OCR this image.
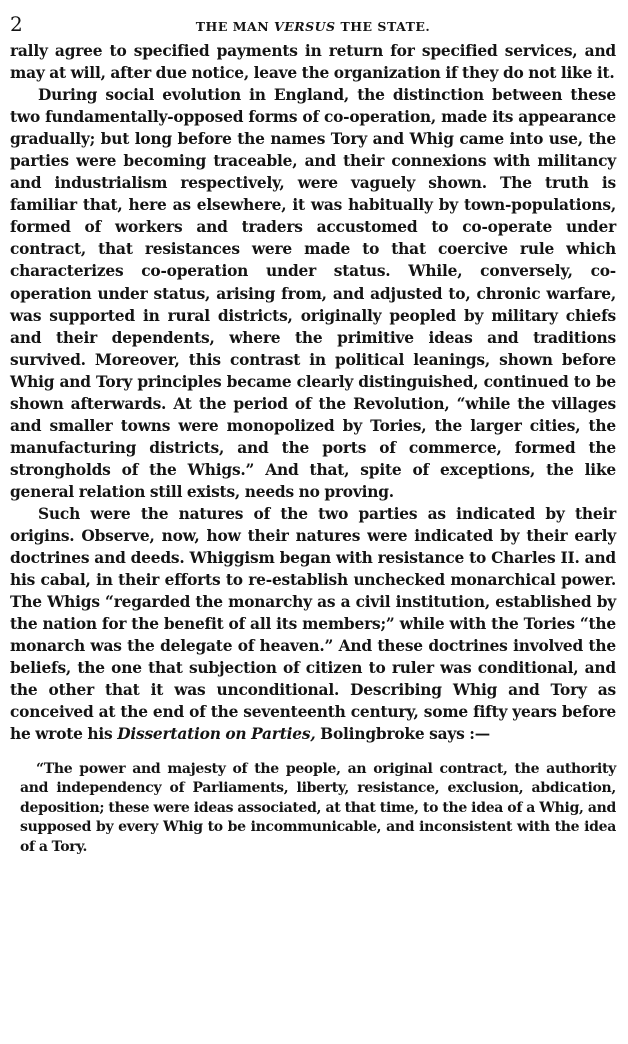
2	THE MAN VERSUS THE STATE.

rally agree to specified payments in return for specified services, and may at will, after due notice, leave the organization if they do not like it.

During social evolution in England, the distinction between these two fundamentally-opposed forms of co-operation, made its appearance gradually; but long before the names Tory and Whig came into use, the parties were becoming traceable, and their connexions with militancy and industrialism respectively, were vaguely shown. The truth is familiar that, here as elsewhere, it was habitually by town-populations, formed of workers and traders accustomed to co-operate under contract, that resistances were made to that coercive rule which characterizes co-operation under status. While, conversely, co-operation under status, arising from, and adjusted to, chronic warfare, was supported in rural districts, originally peopled by military chiefs and their dependents, where the primitive ideas and traditions survived. Moreover, this contrast in political leanings, shown before Whig and Tory principles became clearly distinguished, continued to be shown afterwards. At the period of the Revolution, “while the villages and smaller towns were monopolized by Tories, the larger cities, the manufacturing districts, and the ports of commerce, formed the strongholds of the Whigs.” And that, spite of exceptions, the like general relation still exists, needs no proving.

Such were the natures of the two parties as indicated by their origins. Observe, now, how their natures were indicated by their early doctrines and deeds. Whiggism began with resistance to Charles II. and his cabal, in their efforts to re-establish unchecked monarchical power. The Whigs “regarded the monarchy as a civil institution, established by the nation for the benefit of all its members;” while with the Tories “the monarch was the delegate of heaven.” And these doctrines involved the beliefs, the one that subjection of citizen to ruler was conditional, and the other that it was unconditional. Describing Whig and Tory as conceived at the end of the seventeenth century, some fifty years before he wrote his Dissertation on Parties, Bolingbroke says :—

“The power and majesty of the people, an original contract, the authority and independency of Parliaments, liberty, resistance, exclusion, abdication, deposition; these were ideas associated, at that time, to the idea of a Whig, and supposed by every Whig to be incommunicable, and inconsistent with the idea of a Tory.
